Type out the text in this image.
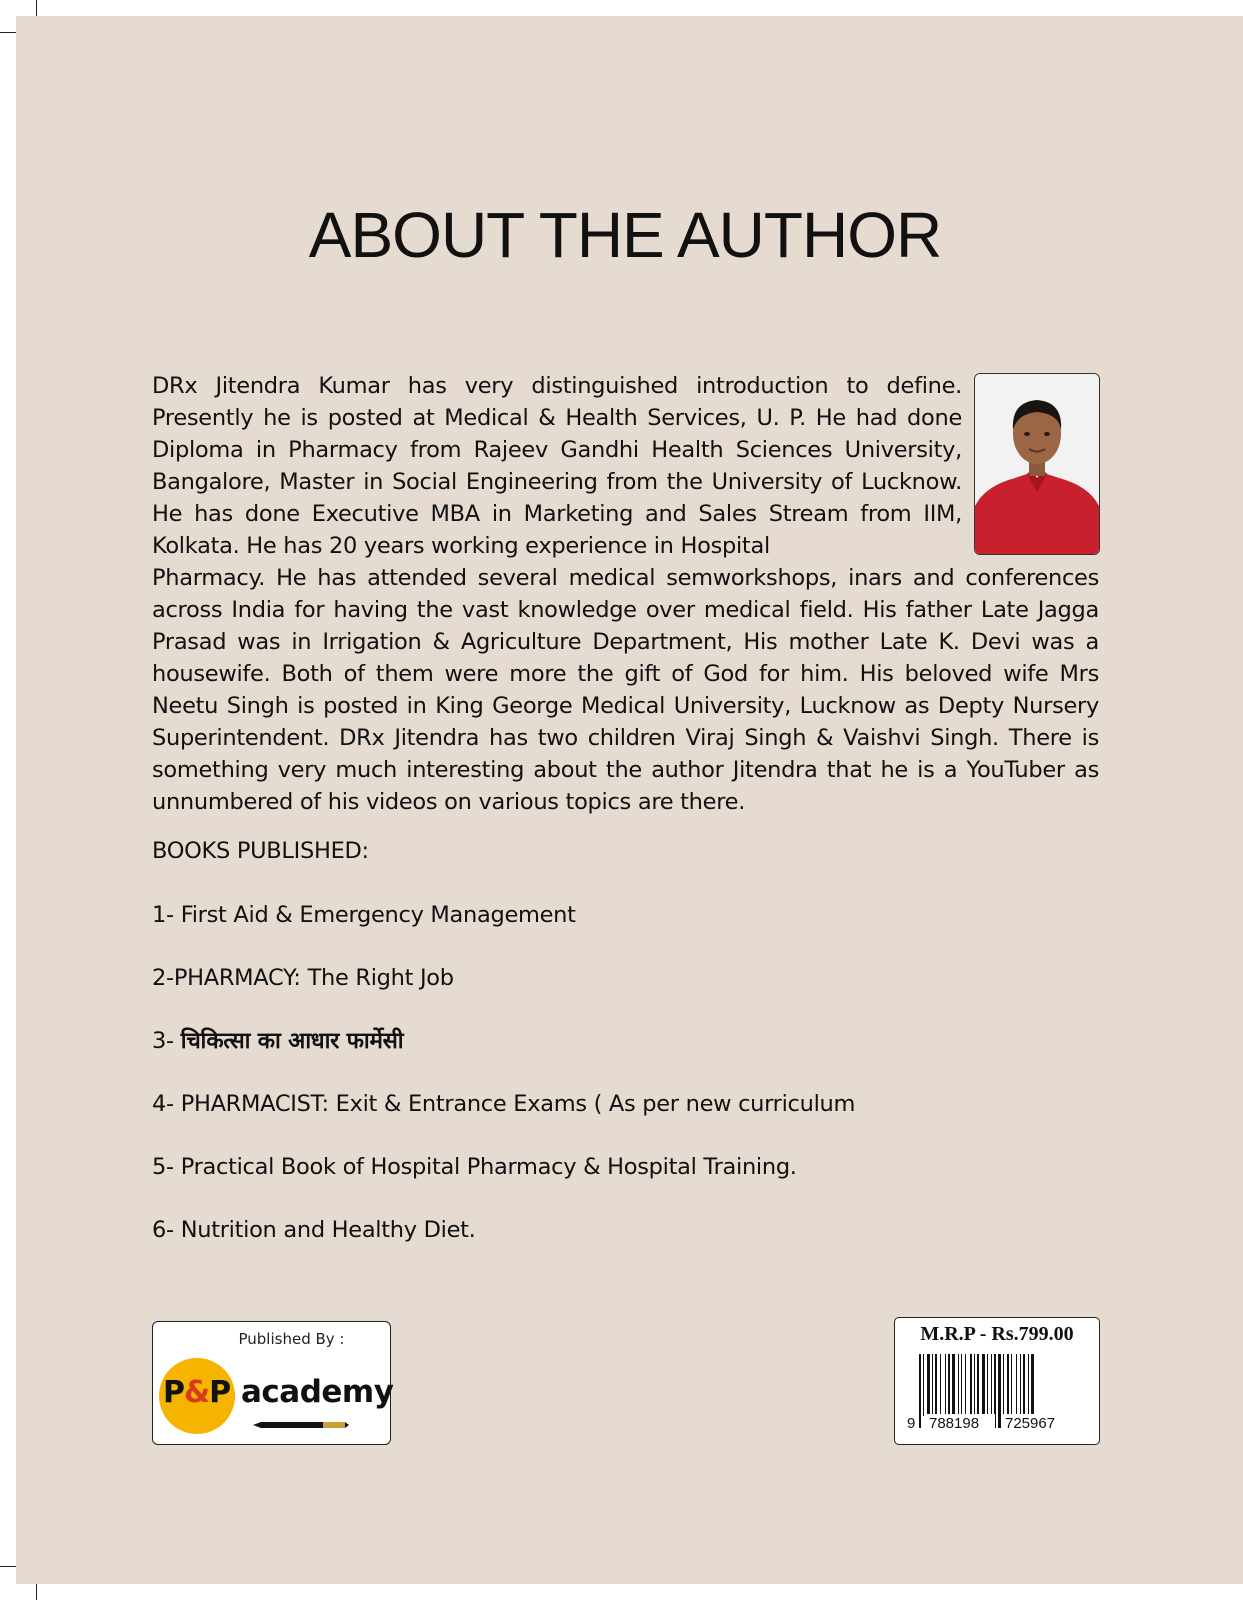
ABOUT THE AUTHOR
DRx Jitendra Kumar has very distinguished introduction to define. Presently he is posted at Medical & Health Services, U. P. He had done Diploma in Pharmacy from Rajeev Gandhi Health Sciences University, Bangalore, Master in Social Engineering from the University of Lucknow. He has done Executive MBA in Marketing and Sales Stream from IIM, Kolkata. He has 20 years working experience in Hospital
Pharmacy. He has attended several medical semworkshops, inars and conferences across India for having the vast knowledge over medical field. His father Late Jagga Prasad was in Irrigation & Agriculture Department, His mother Late K. Devi was a housewife. Both of them were more the gift of God for him. His beloved wife Mrs Neetu Singh is posted in King George Medical University, Lucknow as Depty Nursery Superintendent. DRx Jitendra has two children Viraj Singh & Vaishvi Singh. There is something very much interesting about the author Jitendra that he is a YouTuber as unnumbered of his videos on various topics are there.

BOOKS PUBLISHED:

1- First Aid & Emergency Management
2-PHARMACY: The Right Job
3- चिकित्सा का आधार फार्मेसी
4- PHARMACIST: Exit & Entrance Exams ( As per new curriculum
5- Practical Book of Hospital Pharmacy & Hospital Training.
6- Nutrition and Healthy Diet.
Published By :
P&P academy
M.R.P - Rs.799.00
9 788198 725967
